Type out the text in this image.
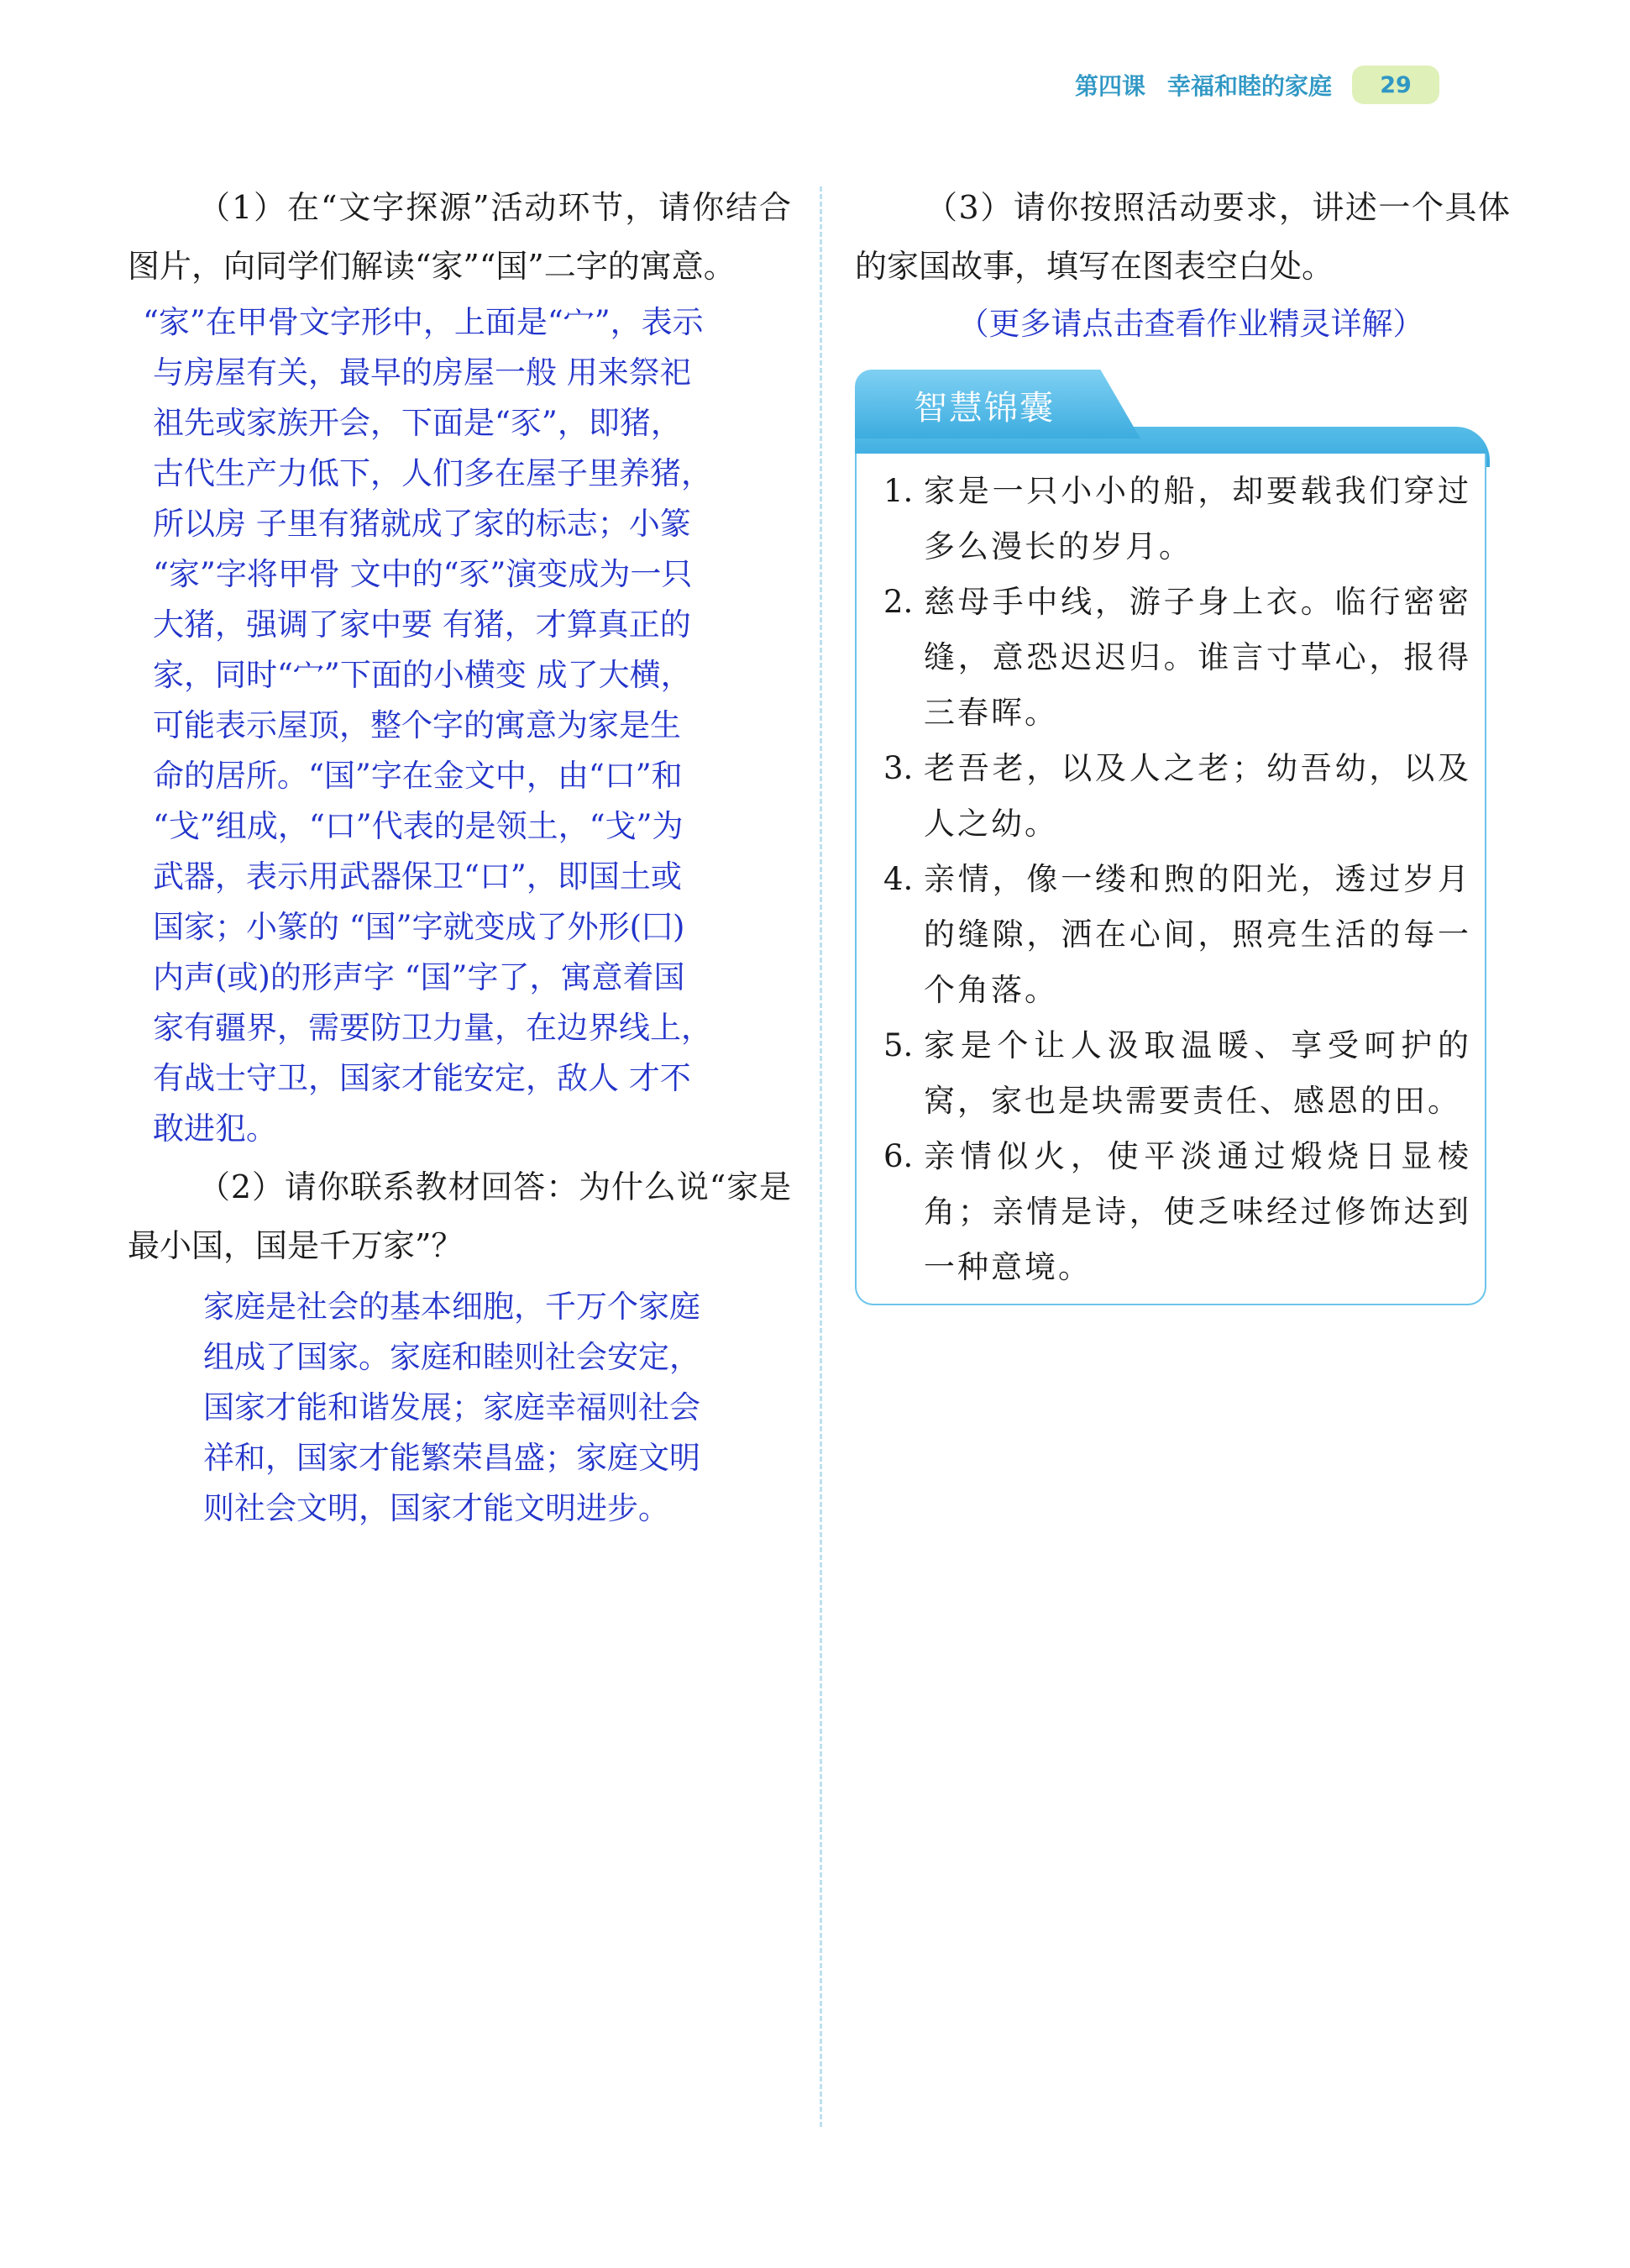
第四课 幸福和睦的家庭	29

（1）在“文字探源”活动环节，请你结合图片，向同学们解读“家”“国”二字的寓意。

“家”在甲骨文字形中，上面是“宀”，表示
与房屋有关，最早的房屋一般 用来祭祀
祖先或家族开会，下面是“豕”，即猪，
古代生产力低下，人们多在屋子里养猪，
所以房 子里有猪就成了家的标志；小篆
“家”字将甲骨 文中的“豕”演变成为一只
大猪，强调了家中要 有猪，才算真正的
家，同时“宀”下面的小横变 成了大横，
可能表示屋顶，整个字的寓意为家是生
命的居所。“国”字在金文中，由“口”和
“戈”组成，“口”代表的是领土，“戈”为
武器，表示用武器保卫“口”，即国土或
国家；小篆的 “国”字就变成了外形(囗)
内声(或)的形声字 “国”字了，寓意着国
家有疆界，需要防卫力量，在边界线上，
有战士守卫，国家才能安定，敌人 才不
敢进犯。

（2）请你联系教材回答：为什么说“家是最小国，国是千万家”？

家庭是社会的基本细胞，千万个家庭
组成了国家。家庭和睦则社会安定，
国家才能和谐发展；家庭幸福则社会
祥和，国家才能繁荣昌盛；家庭文明
则社会文明，国家才能文明进步。

（3）请你按照活动要求，讲述一个具体的家国故事，填写在图表空白处。

（更多请点击查看作业精灵详解）

智慧锦囊
1. 家是一只小小的船，却要载我们穿过多么漫长的岁月。
2. 慈母手中线，游子身上衣。临行密密缝，意恐迟迟归。谁言寸草心，报得三春晖。
3. 老吾老，以及人之老；幼吾幼，以及人之幼。
4. 亲情，像一缕和煦的阳光，透过岁月的缝隙，洒在心间，照亮生活的每一个角落。
5. 家是个让人汲取温暖、享受呵护的窝，家也是块需要责任、感恩的田。
6. 亲情似火，使平淡通过煅烧日显棱角；亲情是诗，使乏味经过修饰达到一种意境。
